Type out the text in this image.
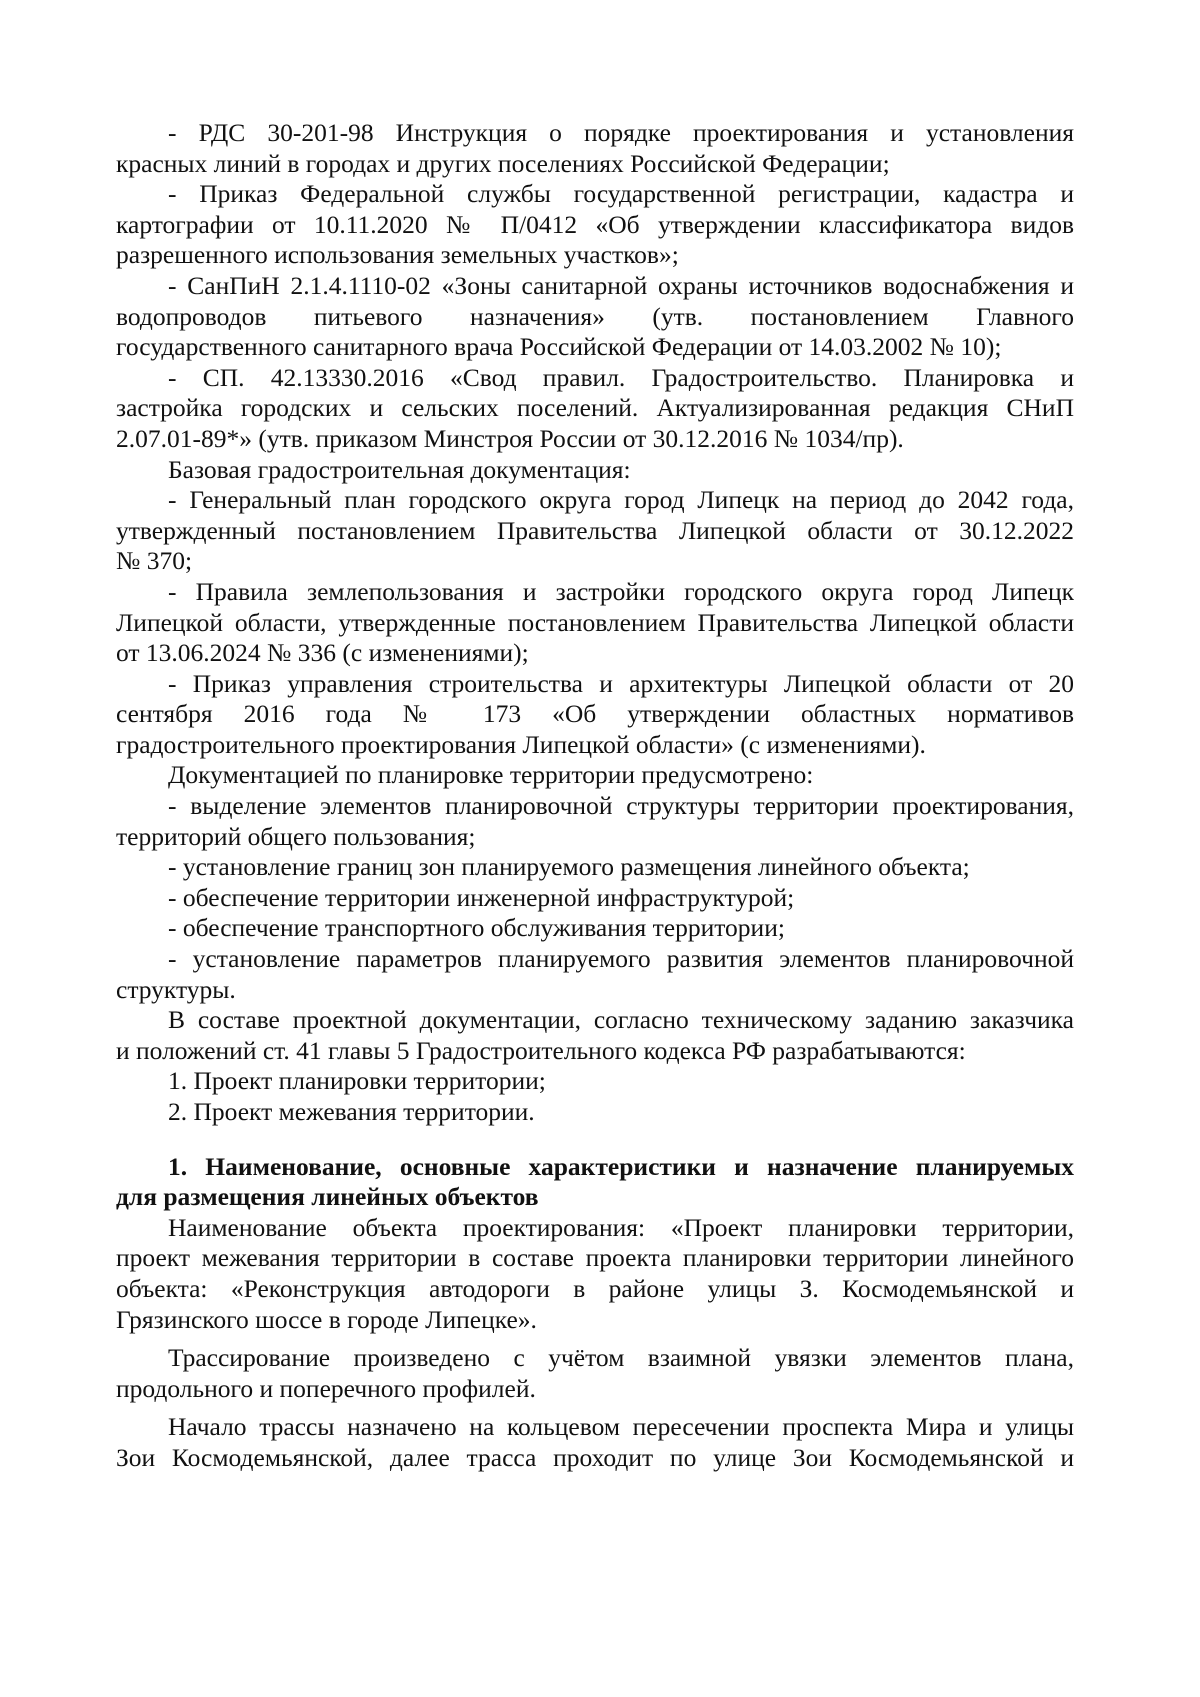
- РДС 30-201-98 Инструкция о порядке проектирования и установления
красных линий в городах и других поселениях Российской Федерации;
- Приказ Федеральной службы государственной регистрации, кадастра и
картографии от 10.11.2020 № П/0412 «Об утверждении классификатора видов
разрешенного использования земельных участков»;
- СанПиН 2.1.4.1110-02 «Зоны санитарной охраны источников водоснабжения и
водопроводов питьевого назначения» (утв. постановлением Главного
государственного санитарного врача Российской Федерации от 14.03.2002 № 10);
- СП. 42.13330.2016 «Свод правил. Градостроительство. Планировка и
застройка городских и сельских поселений. Актуализированная редакция СНиП
2.07.01-89*» (утв. приказом Минстроя России от 30.12.2016 № 1034/пр).
Базовая градостроительная документация:
- Генеральный план городского округа город Липецк на период до 2042 года,
утвержденный постановлением Правительства Липецкой области от 30.12.2022
№ 370;
- Правила землепользования и застройки городского округа город Липецк
Липецкой области, утвержденные постановлением Правительства Липецкой области
от 13.06.2024 № 336 (с изменениями);
- Приказ управления строительства и архитектуры Липецкой области от 20
сентября 2016 года № 173 «Об утверждении областных нормативов
градостроительного проектирования Липецкой области» (с изменениями).
Документацией по планировке территории предусмотрено:
- выделение элементов планировочной структуры территории проектирования,
территорий общего пользования;
- установление границ зон планируемого размещения линейного объекта;
- обеспечение территории инженерной инфраструктурой;
- обеспечение транспортного обслуживания территории;
- установление параметров планируемого развития элементов планировочной
структуры.
В составе проектной документации, согласно техническому заданию заказчика
и положений ст. 41 главы 5 Градостроительного кодекса РФ разрабатываются:
1. Проект планировки территории;
2. Проект межевания территории.
1. Наименование, основные характеристики и назначение планируемых
для размещения линейных объектов
Наименование объекта проектирования: «Проект планировки территории,
проект межевания территории в составе проекта планировки территории линейного
объекта: «Реконструкция автодороги в районе улицы З. Космодемьянской и
Грязинского шоссе в городе Липецке».
Трассирование произведено с учётом взаимной увязки элементов плана,
продольного и поперечного профилей.
Начало трассы назначено на кольцевом пересечении проспекта Мира и улицы
Зои Космодемьянской, далее трасса проходит по улице Зои Космодемьянской и
